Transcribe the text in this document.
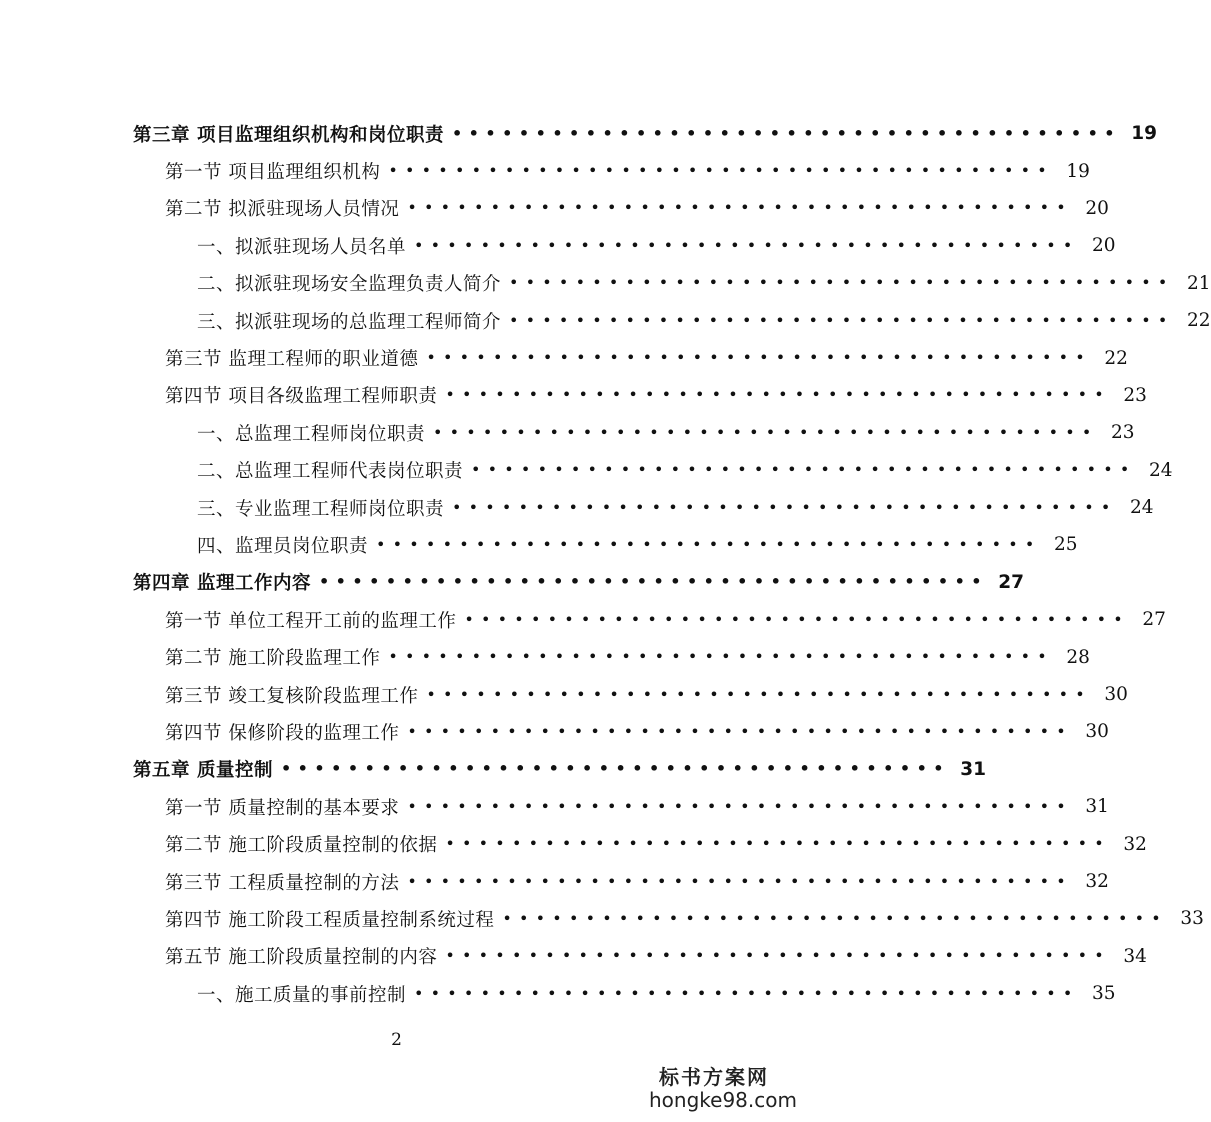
第三章 项目监理组织机构和岗位职责 •••••••••••••••••••••••••••••••••••••••• 19
第一节 项目监理组织机构 •••••••••••••••••••••••••••••••••••••••• 19
第二节 拟派驻现场人员情况 •••••••••••••••••••••••••••••••••••••••• 20
一、拟派驻现场人员名单 •••••••••••••••••••••••••••••••••••••••• 20
二、拟派驻现场安全监理负责人简介 •••••••••••••••••••••••••••••••••••••••• 21
三、拟派驻现场的总监理工程师简介 •••••••••••••••••••••••••••••••••••••••• 22
第三节 监理工程师的职业道德 •••••••••••••••••••••••••••••••••••••••• 22
第四节 项目各级监理工程师职责 •••••••••••••••••••••••••••••••••••••••• 23
一、总监理工程师岗位职责 •••••••••••••••••••••••••••••••••••••••• 23
二、总监理工程师代表岗位职责 •••••••••••••••••••••••••••••••••••••••• 24
三、专业监理工程师岗位职责 •••••••••••••••••••••••••••••••••••••••• 24
四、监理员岗位职责 •••••••••••••••••••••••••••••••••••••••• 25
第四章 监理工作内容 •••••••••••••••••••••••••••••••••••••••• 27
第一节 单位工程开工前的监理工作 •••••••••••••••••••••••••••••••••••••••• 27
第二节 施工阶段监理工作 •••••••••••••••••••••••••••••••••••••••• 28
第三节 竣工复核阶段监理工作 •••••••••••••••••••••••••••••••••••••••• 30
第四节 保修阶段的监理工作 •••••••••••••••••••••••••••••••••••••••• 30
第五章 质量控制 •••••••••••••••••••••••••••••••••••••••• 31
第一节 质量控制的基本要求 •••••••••••••••••••••••••••••••••••••••• 31
第二节 施工阶段质量控制的依据 •••••••••••••••••••••••••••••••••••••••• 32
第三节 工程质量控制的方法 •••••••••••••••••••••••••••••••••••••••• 32
第四节 施工阶段工程质量控制系统过程 •••••••••••••••••••••••••••••••••••••••• 33
第五节 施工阶段质量控制的内容 •••••••••••••••••••••••••••••••••••••••• 34
一、施工质量的事前控制 •••••••••••••••••••••••••••••••••••••••• 35
2
标书方案网
hongke98.com
